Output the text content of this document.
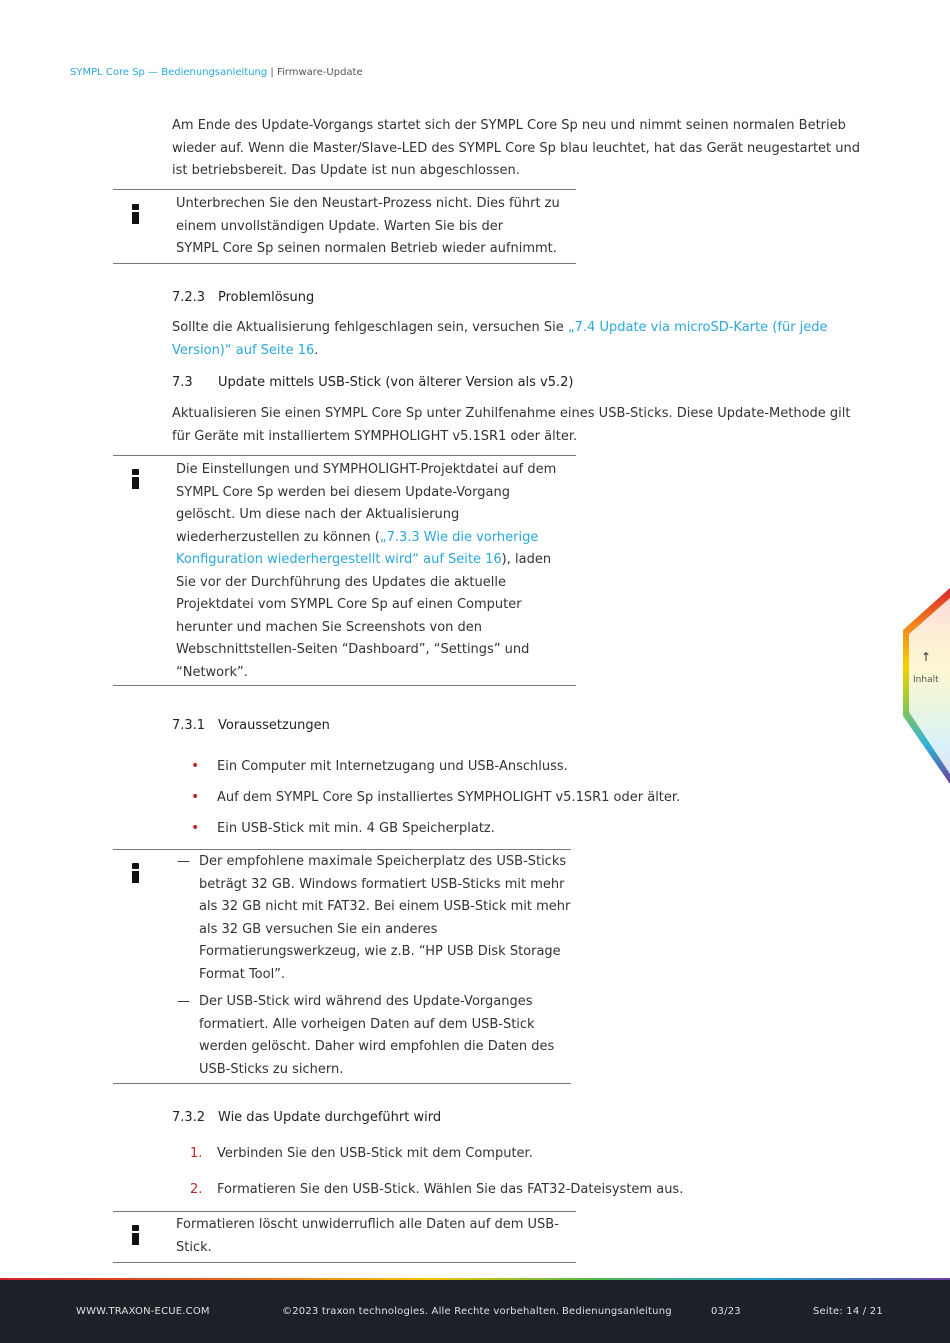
SYMPL Core Sp — Bedienungsanleitung | Firmware-Update
Am Ende des Update-Vorgangs startet sich der SYMPL Core Sp neu und nimmt seinen normalen Betrieb
wieder auf. Wenn die Master/Slave-LED des SYMPL Core Sp blau leuchtet, hat das Gerät neugestartet und
ist betriebsbereit. Das Update ist nun abgeschlossen.
Unterbrechen Sie den Neustart-Prozess nicht. Dies führt zu
einem unvollständigen Update. Warten Sie bis der
SYMPL Core Sp seinen normalen Betrieb wieder aufnimmt.
7.2.3 Problemlösung
Sollte die Aktualisierung fehlgeschlagen sein, versuchen Sie „7.4 Update via microSD-Karte (für jede
Version)“ auf Seite 16.
7.3 Update mittels USB-Stick (von älterer Version als v5.2)
Aktualisieren Sie einen SYMPL Core Sp unter Zuhilfenahme eines USB-Sticks. Diese Update-Methode gilt
für Geräte mit installiertem SYMPHOLIGHT v5.1SR1 oder älter.
Die Einstellungen und SYMPHOLIGHT-Projektdatei auf dem
SYMPL Core Sp werden bei diesem Update-Vorgang
gelöscht. Um diese nach der Aktualisierung
wiederherzustellen zu können („7.3.3 Wie die vorherige
Konfiguration wiederhergestellt wird“ auf Seite 16), laden
Sie vor der Durchführung des Updates die aktuelle
Projektdatei vom SYMPL Core Sp auf einen Computer
herunter und machen Sie Screenshots von den
Webschnittstellen-Seiten “Dashboard”, “Settings” und
“Network”.
7.3.1 Voraussetzungen
• Ein Computer mit Internetzugang und USB-Anschluss.
• Auf dem SYMPL Core Sp installiertes SYMPHOLIGHT v5.1SR1 oder älter.
• Ein USB-Stick mit min. 4 GB Speicherplatz.
— Der empfohlene maximale Speicherplatz des USB-Sticks
beträgt 32 GB. Windows formatiert USB-Sticks mit mehr
als 32 GB nicht mit FAT32. Bei einem USB-Stick mit mehr
als 32 GB versuchen Sie ein anderes
Formatierungswerkzeug, wie z.B. “HP USB Disk Storage
Format Tool”.
— Der USB-Stick wird während des Update-Vorganges
formatiert. Alle vorheigen Daten auf dem USB-Stick
werden gelöscht. Daher wird empfohlen die Daten des
USB-Sticks zu sichern.
7.3.2 Wie das Update durchgeführt wird
1. Verbinden Sie den USB-Stick mit dem Computer.
2. Formatieren Sie den USB-Stick. Wählen Sie das FAT32-Dateisystem aus.
Formatieren löscht unwiderruflich alle Daten auf dem USB-
Stick.
↑
Inhalt
WWW.TRAXON-ECUE.COM	©2023 traxon technologies. Alle Rechte vorbehalten. Bedienungsanleitung	03/23	Seite: 14 / 21
